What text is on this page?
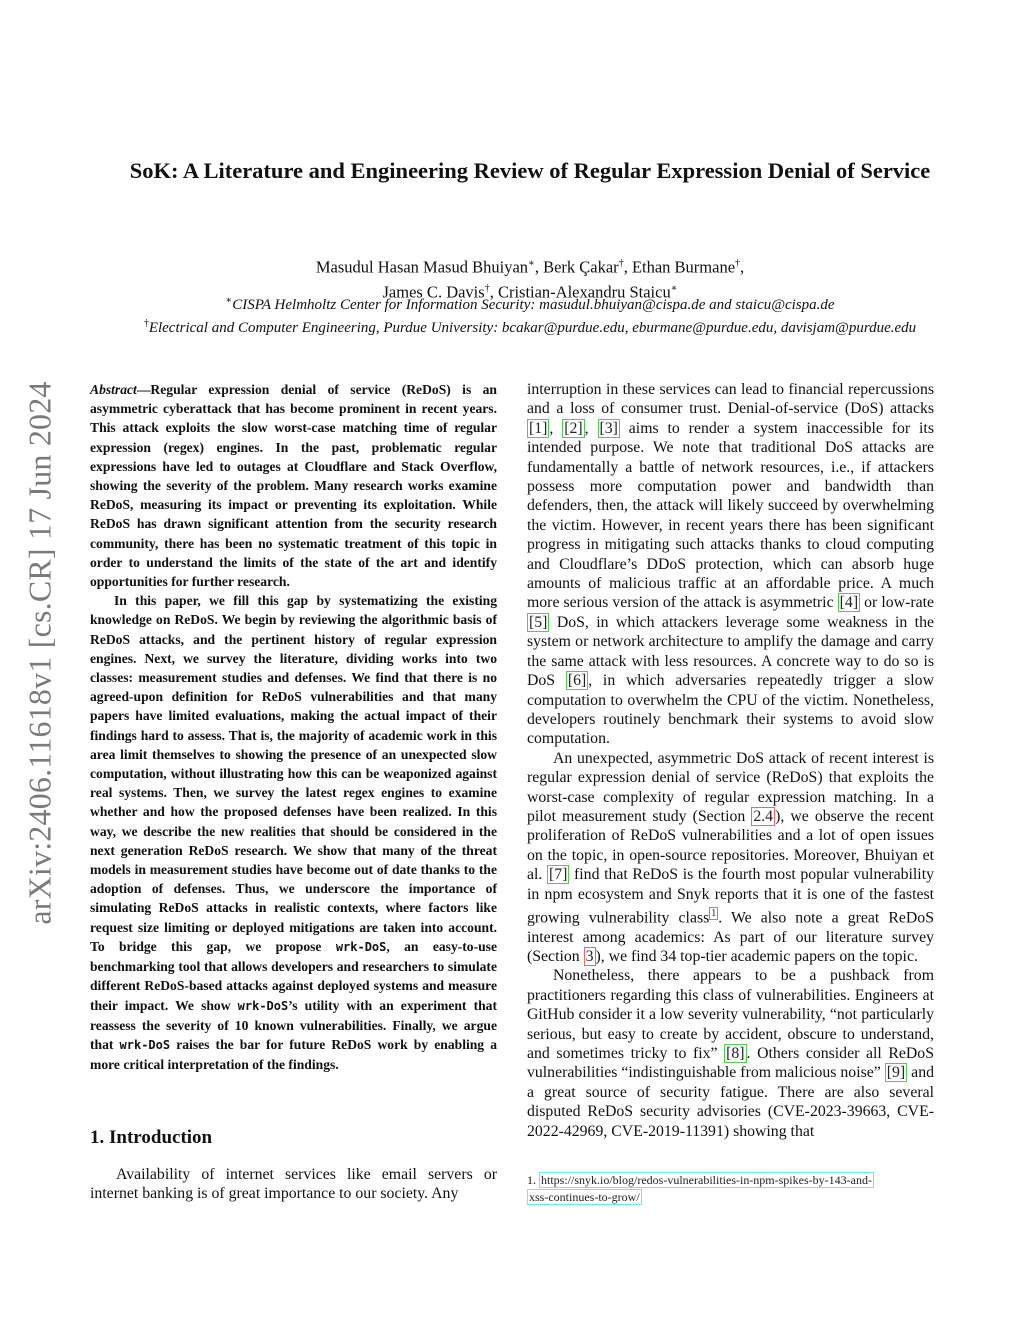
arXiv:2406.11618v1 [cs.CR] 17 Jun 2024
SoK: A Literature and Engineering Review of Regular Expression Denial of Service
Masudul Hasan Masud Bhuiyan∗, Berk Çakar†, Ethan Burmane†,
James C. Davis†, Cristian-Alexandru Staicu∗
∗CISPA Helmholtz Center for Information Security: masudul.bhuiyan@cispa.de and staicu@cispa.de
†Electrical and Computer Engineering, Purdue University: bcakar@purdue.edu, eburmane@purdue.edu, davisjam@purdue.edu

Abstract—Regular expression denial of service (ReDoS) is an asymmetric cyberattack that has become prominent in recent years. This attack exploits the slow worst-case matching time of regular expression (regex) engines. In the past, problematic regular expressions have led to outages at Cloudflare and Stack Overflow, showing the severity of the problem. Many research works examine ReDoS, measuring its impact or preventing its exploitation. While ReDoS has drawn significant attention from the security research community, there has been no systematic treatment of this topic in order to understand the limits of the state of the art and identify opportunities for further research.

In this paper, we fill this gap by systematizing the existing knowledge on ReDoS. We begin by reviewing the algorithmic basis of ReDoS attacks, and the pertinent history of regular expression engines. Next, we survey the literature, dividing works into two classes: measurement studies and defenses. We find that there is no agreed-upon definition for ReDoS vulnerabilities and that many papers have limited evaluations, making the actual impact of their findings hard to assess. That is, the majority of academic work in this area limit themselves to showing the presence of an unexpected slow computation, without illustrating how this can be weaponized against real systems. Then, we survey the latest regex engines to examine whether and how the proposed defenses have been realized. In this way, we describe the new realities that should be considered in the next generation ReDoS research. We show that many of the threat models in measurement studies have become out of date thanks to the adoption of defenses. Thus, we underscore the importance of simulating ReDoS attacks in realistic contexts, where factors like request size limiting or deployed mitigations are taken into account. To bridge this gap, we propose wrk-DoS, an easy-to-use benchmarking tool that allows developers and researchers to simulate different ReDoS-based attacks against deployed systems and measure their impact. We show wrk-DoS’s utility with an experiment that reassess the severity of 10 known vulnerabilities. Finally, we argue that wrk-DoS raises the bar for future ReDoS work by enabling a more critical interpretation of the findings.

1. Introduction

Availability of internet services like email servers or internet banking is of great importance to our society. Any

interruption in these services can lead to financial repercussions and a loss of consumer trust. Denial-of-service (DoS) attacks [1] , [2] , [3] aims to render a system inaccessible for its intended purpose. We note that traditional DoS attacks are fundamentally a battle of network resources, i.e., if attackers possess more computation power and bandwidth than defenders, then, the attack will likely succeed by overwhelming the victim. However, in recent years there has been significant progress in mitigating such attacks thanks to cloud computing and Cloudflare’s DDoS protection, which can absorb huge amounts of malicious traffic at an affordable price. A much more serious version of the attack is asymmetric [4] or low-rate [5] DoS, in which attackers leverage some weakness in the system or network architecture to amplify the damage and carry the same attack with less resources. A concrete way to do so is DoS [6] , in which adversaries repeatedly trigger a slow computation to overwhelm the CPU of the victim. Nonetheless, developers routinely benchmark their systems to avoid slow computation.

An unexpected, asymmetric DoS attack of recent interest is regular expression denial of service (ReDoS) that exploits the worst-case complexity of regular expression matching. In a pilot measurement study (Section 2.4 ), we observe the recent proliferation of ReDoS vulnerabilities and a lot of open issues on the topic, in open-source repositories. Moreover, Bhuiyan et al. [7] find that ReDoS is the fourth most popular vulnerability in npm ecosystem and Snyk reports that it is one of the fastest growing vulnerability class $^1$ . We also note a great ReDoS interest among academics: As part of our literature survey (Section 3 ), we find 34 top-tier academic papers on the topic.

Nonetheless, there appears to be a pushback from practitioners regarding this class of vulnerabilities. Engineers at GitHub consider it a low severity vulnerability, “not particularly serious, but easy to create by accident, obscure to understand, and sometimes tricky to fix” [8] . Others consider all ReDoS vulnerabilities “indistinguishable from malicious noise” [9] and a great source of security fatigue. There are also several disputed ReDoS security advisories (CVE-2023-39663, CVE-2022-42969, CVE-2019-11391) showing that

1. https://snyk.io/blog/redos-vulnerabilities-in-npm-spikes-by-143-and-
xss-continues-to-grow/
